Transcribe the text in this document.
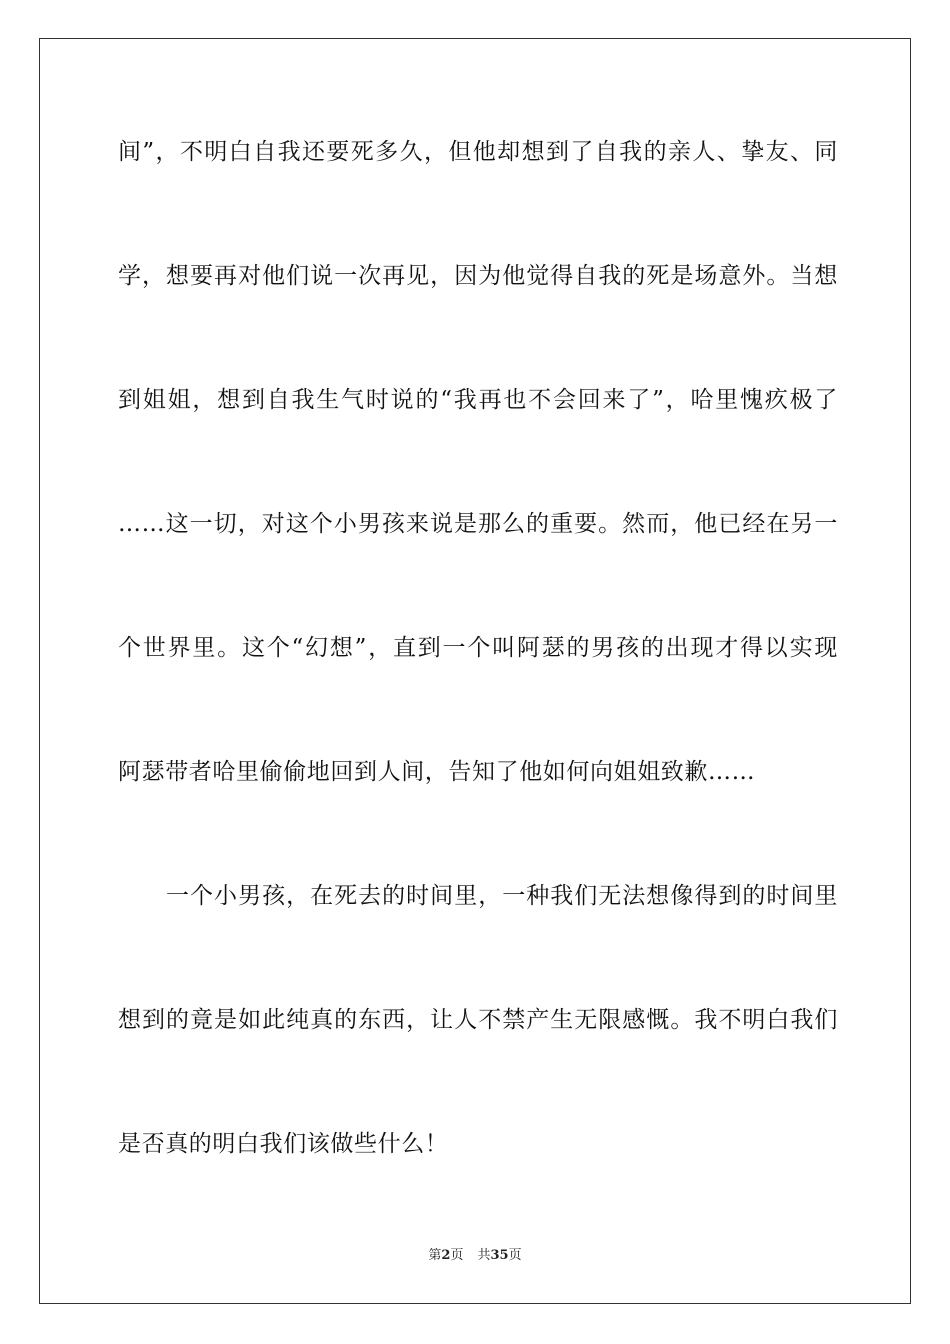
间”，不明白自我还要死多久，但他却想到了自我的亲人、挚友、同
学，想要再对他们说一次再见，因为他觉得自我的死是场意外。当想
到姐姐，想到自我生气时说的“我再也不会回来了”，哈里愧疚极了
……这一切，对这个小男孩来说是那么的重要。然而，他已经在另一
个世界里。这个“幻想”，直到一个叫阿瑟的男孩的出现才得以实现
阿瑟带者哈里偷偷地回到人间，告知了他如何向姐姐致歉……
　　一个小男孩，在死去的时间里，一种我们无法想像得到的时间里
想到的竟是如此纯真的东西，让人不禁产生无限感慨。我不明白我们
是否真的明白我们该做些什么！
第2页 共35页
